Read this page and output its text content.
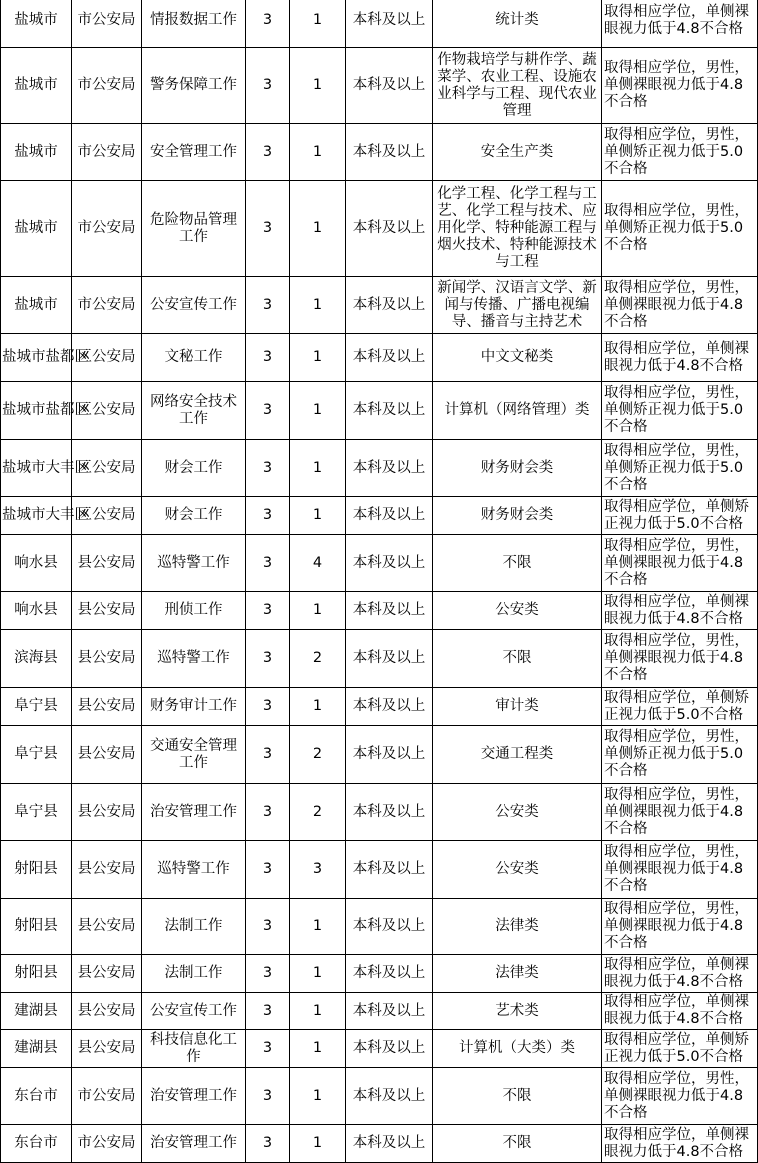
盐城市	市公安局	情报数据工作	3	1	本科及以上	统计类	取得相应学位，单侧裸眼视力低于4.8不合格
盐城市	市公安局	警务保障工作	3	1	本科及以上	作物栽培学与耕作学、蔬菜学、农业工程、设施农业科学与工程、现代农业管理	取得相应学位，男性，单侧裸眼视力低于4.8不合格
盐城市	市公安局	安全管理工作	3	1	本科及以上	安全生产类	取得相应学位，男性，单侧矫正视力低于5.0不合格
盐城市	市公安局	危险物品管理工作	3	1	本科及以上	化学工程、化学工程与工艺、化学工程与技术、应用化学、特种能源工程与烟火技术、特种能源技术与工程	取得相应学位，男性，单侧矫正视力低于5.0不合格
盐城市	市公安局	公安宣传工作	3	1	本科及以上	新闻学、汉语言文学、新闻与传播、广播电视编导、播音与主持艺术	取得相应学位，男性，单侧裸眼视力低于4.8不合格
盐城市盐都区	区公安局	文秘工作	3	1	本科及以上	中文文秘类	取得相应学位，单侧裸眼视力低于4.8不合格
盐城市盐都区	区公安局	网络安全技术工作	3	1	本科及以上	计算机（网络管理）类	取得相应学位，男性，单侧矫正视力低于5.0不合格
盐城市大丰区	区公安局	财会工作	3	1	本科及以上	财务财会类	取得相应学位，男性，单侧矫正视力低于5.0不合格
盐城市大丰区	区公安局	财会工作	3	1	本科及以上	财务财会类	取得相应学位，单侧矫正视力低于5.0不合格
响水县	县公安局	巡特警工作	3	4	本科及以上	不限	取得相应学位，男性，单侧裸眼视力低于4.8不合格
响水县	县公安局	刑侦工作	3	1	本科及以上	公安类	取得相应学位，单侧裸眼视力低于4.8不合格
滨海县	县公安局	巡特警工作	3	2	本科及以上	不限	取得相应学位，男性，单侧裸眼视力低于4.8不合格
阜宁县	县公安局	财务审计工作	3	1	本科及以上	审计类	取得相应学位，单侧矫正视力低于5.0不合格
阜宁县	县公安局	交通安全管理工作	3	2	本科及以上	交通工程类	取得相应学位，男性，单侧矫正视力低于5.0不合格
阜宁县	县公安局	治安管理工作	3	2	本科及以上	公安类	取得相应学位，男性，单侧裸眼视力低于4.8不合格
射阳县	县公安局	巡特警工作	3	3	本科及以上	公安类	取得相应学位，男性，单侧裸眼视力低于4.8不合格
射阳县	县公安局	法制工作	3	1	本科及以上	法律类	取得相应学位，男性，单侧裸眼视力低于4.8不合格
射阳县	县公安局	法制工作	3	1	本科及以上	法律类	取得相应学位，单侧裸眼视力低于4.8不合格
建湖县	县公安局	公安宣传工作	3	1	本科及以上	艺术类	取得相应学位，单侧裸眼视力低于4.8不合格
建湖县	县公安局	科技信息化工作	3	1	本科及以上	计算机（大类）类	取得相应学位，单侧矫正视力低于5.0不合格
东台市	市公安局	治安管理工作	3	1	本科及以上	不限	取得相应学位，男性，单侧裸眼视力低于4.8不合格
东台市	市公安局	治安管理工作	3	1	本科及以上	不限	取得相应学位，单侧裸眼视力低于4.8不合格
